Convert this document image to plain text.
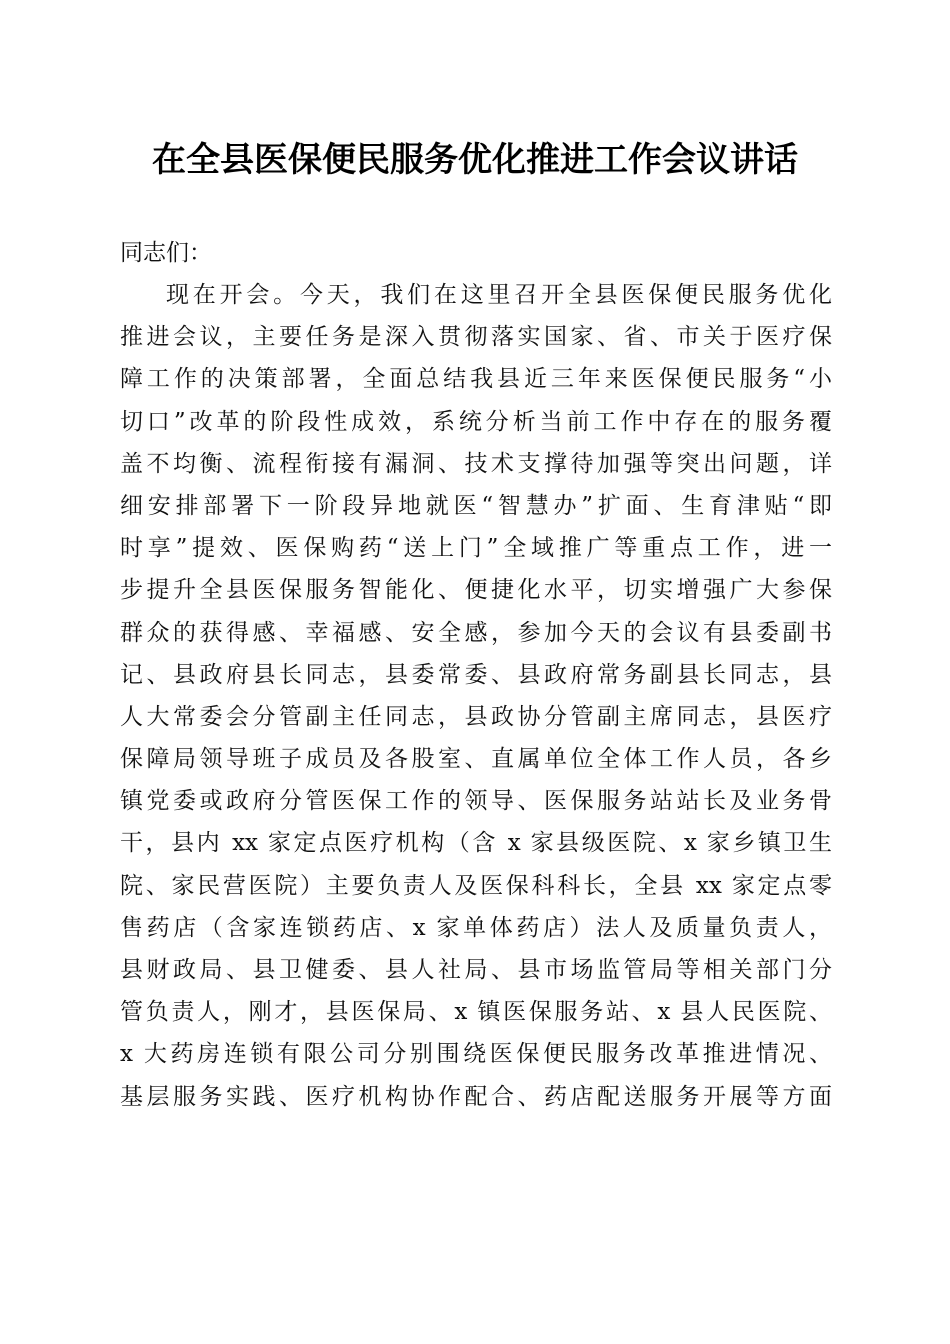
在全县医保便民服务优化推进工作会议讲话

同志们：

现在开会。今天，我们在这里召开全县医保便民服务优化

推进会议，主要任务是深入贯彻落实国家、省、市关于医疗保

障工作的决策部署，全面总结我县近三年来医保便民服务“小

切口”改革的阶段性成效，系统分析当前工作中存在的服务覆

盖不均衡、流程衔接有漏洞、技术支撑待加强等突出问题，详

细安排部署下一阶段异地就医“智慧办”扩面、生育津贴“即

时享”提效、医保购药“送上门”全域推广等重点工作，进一

步提升全县医保服务智能化、便捷化水平，切实增强广大参保

群众的获得感、幸福感、安全感，参加今天的会议有县委副书

记、县政府县长同志，县委常委、县政府常务副县长同志，县

人大常委会分管副主任同志，县政协分管副主席同志，县医疗

保障局领导班子成员及各股室、直属单位全体工作人员，各乡

镇党委或政府分管医保工作的领导、医保服务站站长及业务骨

干，县内 xx 家定点医疗机构（含 x 家县级医院、x 家乡镇卫生

院、家民营医院）主要负责人及医保科科长，全县 xx 家定点零

售药店（含家连锁药店、x 家单体药店）法人及质量负责人，

县财政局、县卫健委、县人社局、县市场监管局等相关部门分

管负责人，刚才，县医保局、x 镇医保服务站、x 县人民医院、

x 大药房连锁有限公司分别围绕医保便民服务改革推进情况、

基层服务实践、医疗机构协作配合、药店配送服务开展等方面
